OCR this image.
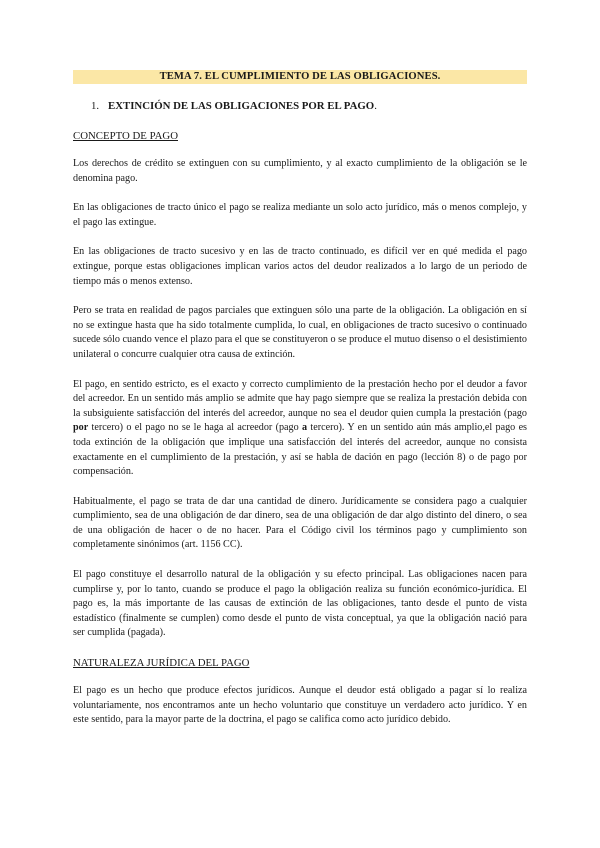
TEMA 7. EL CUMPLIMIENTO DE LAS OBLIGACIONES.
1. EXTINCIÓN DE LAS OBLIGACIONES POR EL PAGO.
CONCEPTO DE PAGO

Los derechos de crédito se extinguen con su cumplimiento, y al exacto cumplimiento de la obligación se le denomina pago.

En las obligaciones de tracto único el pago se realiza mediante un solo acto jurídico, más o menos complejo, y el pago las extingue.

En las obligaciones de tracto sucesivo y en las de tracto continuado, es difícil ver en qué medida el pago extingue, porque estas obligaciones implican varios actos del deudor realizados a lo largo de un periodo de tiempo más o menos extenso.

Pero se trata en realidad de pagos parciales que extinguen sólo una parte de la obligación. La obligación en sí no se extingue hasta que ha sido totalmente cumplida, lo cual, en obligaciones de tracto sucesivo o continuado sucede sólo cuando vence el plazo para el que se constituyeron o se produce el mutuo disenso o el desistimiento unilateral o concurre cualquier otra causa de extinción.

El pago, en sentido estricto, es el exacto y correcto cumplimiento de la prestación hecho por el deudor a favor del acreedor. En un sentido más amplio se admite que hay pago siempre que se realiza la prestación debida con la subsiguiente satisfacción del interés del acreedor, aunque no sea el deudor quien cumpla la prestación (pago por tercero) o el pago no se le haga al acreedor (pago a tercero). Y en un sentido aún más amplio,el pago es toda extinción de la obligación que implique una satisfacción del interés del acreedor, aunque no consista exactamente en el cumplimiento de la prestación, y así se habla de dación en pago (lección 8) o de pago por compensación.

Habitualmente, el pago se trata de dar una cantidad de dinero. Jurídicamente se considera pago a cualquier cumplimiento, sea de una obligación de dar dinero, sea de una obligación de dar algo distinto del dinero, o sea de una obligación de hacer o de no hacer. Para el Código civil los términos pago y cumplimiento son completamente sinónimos (art. 1156 CC).

El pago constituye el desarrollo natural de la obligación y su efecto principal. Las obligaciones nacen para cumplirse y, por lo tanto, cuando se produce el pago la obligación realiza su función económico-jurídica. El pago es, la más importante de las causas de extinción de las obligaciones, tanto desde el punto de vista estadístico (finalmente se cumplen) como desde el punto de vista conceptual, ya que la obligación nació para ser cumplida (pagada).

NATURALEZA JURÍDICA DEL PAGO

El pago es un hecho que produce efectos jurídicos. Aunque el deudor está obligado a pagar sí lo realiza voluntariamente, nos encontramos ante un hecho voluntario que constituye un verdadero acto jurídico. Y en este sentido, para la mayor parte de la doctrina, el pago se califica como acto jurídico debido.
